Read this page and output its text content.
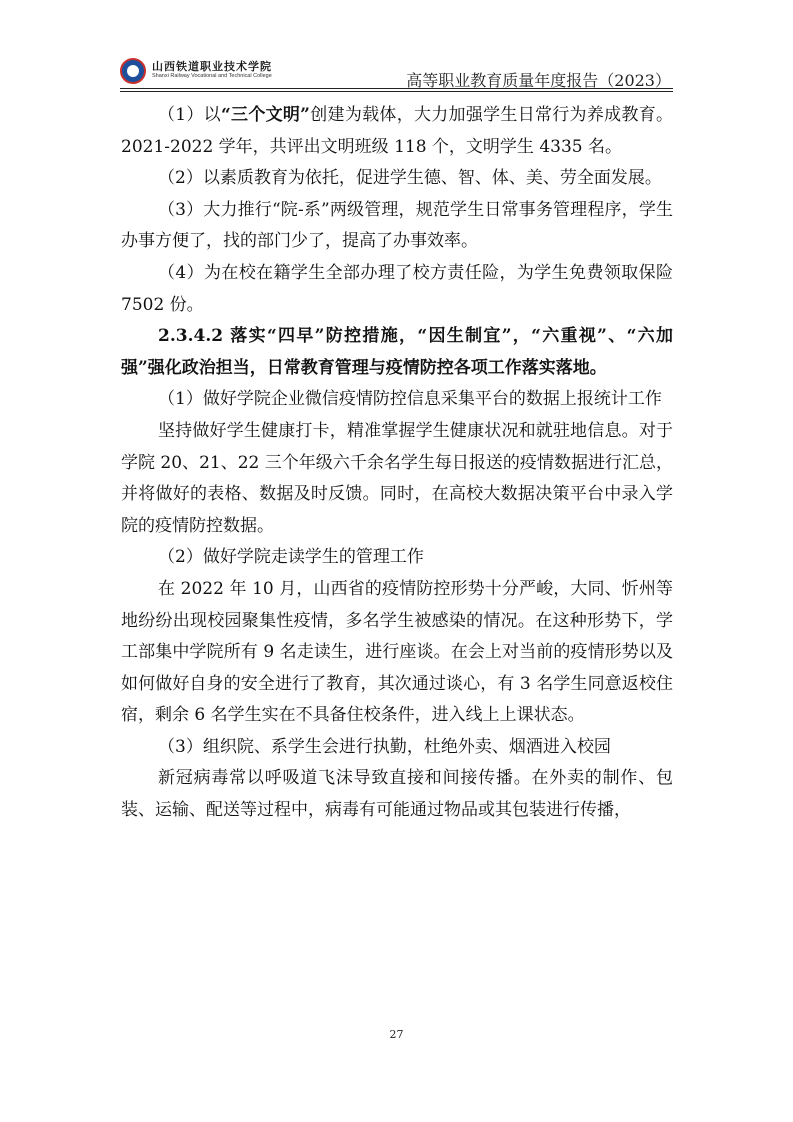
山西铁道职业技术学院
Shanxi Railway Vocational and Technical College	高等职业教育质量年度报告（2023）

（1）以“三个文明”创建为载体，大力加强学生日常行为养成教育。2021-2022 学年，共评出文明班级 118 个，文明学生 4335 名。

（2）以素质教育为依托，促进学生德、智、体、美、劳全面发展。

（3）大力推行“院-系”两级管理，规范学生日常事务管理程序，学生办事方便了，找的部门少了，提高了办事效率。

（4）为在校在籍学生全部办理了校方责任险，为学生免费领取保险 7502 份。

2.3.4.2 落实“四早”防控措施，“因生制宜”，“六重视”、“六加强”强化政治担当，日常教育管理与疫情防控各项工作落实落地。

（1）做好学院企业微信疫情防控信息采集平台的数据上报统计工作

坚持做好学生健康打卡，精准掌握学生健康状况和就驻地信息。对于学院 20、21、22 三个年级六千余名学生每日报送的疫情数据进行汇总，并将做好的表格、数据及时反馈。同时，在高校大数据决策平台中录入学院的疫情防控数据。

（2）做好学院走读学生的管理工作

在 2022 年 10 月，山西省的疫情防控形势十分严峻，大同、忻州等地纷纷出现校园聚集性疫情，多名学生被感染的情况。在这种形势下，学工部集中学院所有 9 名走读生，进行座谈。在会上对当前的疫情形势以及如何做好自身的安全进行了教育，其次通过谈心，有 3 名学生同意返校住宿，剩余 6 名学生实在不具备住校条件，进入线上上课状态。

（3）组织院、系学生会进行执勤，杜绝外卖、烟酒进入校园

新冠病毒常以呼吸道飞沫导致直接和间接传播。在外卖的制作、包装、运输、配送等过程中，病毒有可能通过物品或其包装进行传播，

27
